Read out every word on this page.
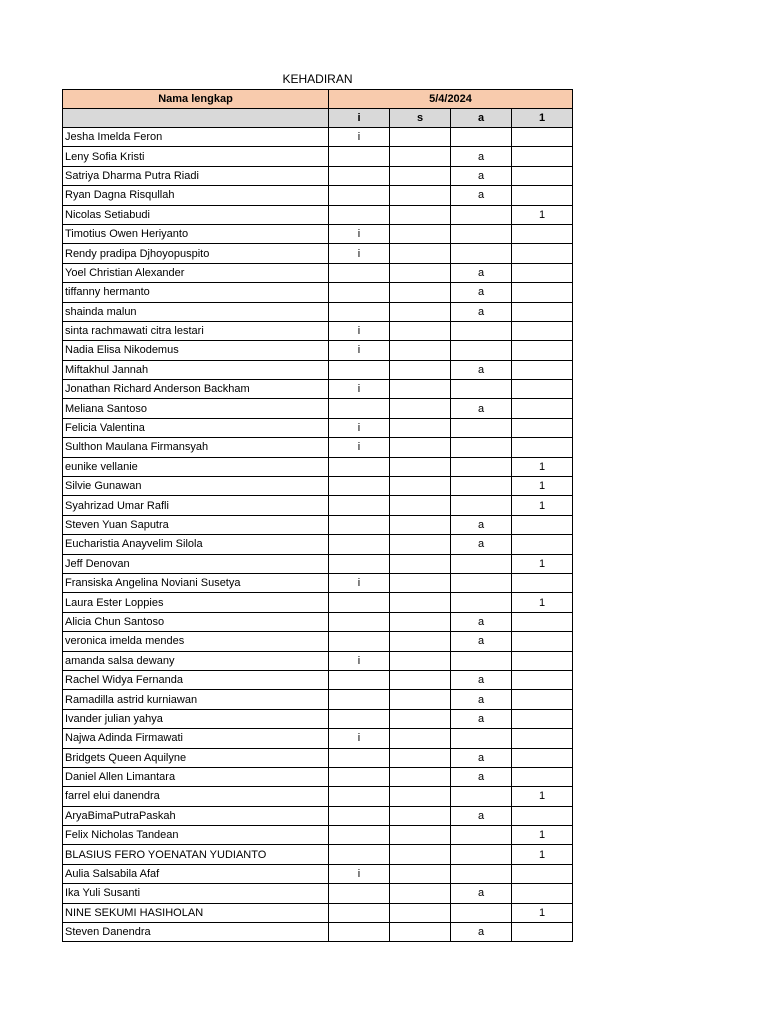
KEHADIRAN
Nama lengkap	5/4/2024			
	i	s	a	1
Jesha Imelda Feron	i			
Leny Sofia Kristi			a	
Satriya Dharma Putra Riadi			a	
Ryan Dagna Risqullah			a	
Nicolas Setiabudi				1
Timotius Owen Heriyanto	i			
Rendy pradipa Djhoyopuspito	i			
Yoel Christian Alexander			a	
tiffanny hermanto			a	
shainda malun			a	
sinta rachmawati citra lestari	i			
Nadia Elisa Nikodemus	i			
Miftakhul Jannah			a	
Jonathan Richard Anderson Backham	i			
Meliana Santoso			a	
Felicia Valentina	i			
Sulthon Maulana Firmansyah	i			
eunike vellanie				1
Silvie Gunawan				1
Syahrizad Umar Rafli				1
Steven Yuan Saputra			a	
Eucharistia Anayvelim Silola			a	
Jeff Denovan				1
Fransiska Angelina Noviani Susetya	i			
Laura Ester Loppies				1
Alicia Chun Santoso			a	
veronica imelda mendes			a	
amanda salsa dewany	i			
Rachel Widya Fernanda			a	
Ramadilla astrid kurniawan			a	
Ivander julian yahya			a	
Najwa Adinda Firmawati	i			
Bridgets Queen Aquilyne			a	
Daniel Allen Limantara			a	
farrel elui danendra				1
AryaBimaPutraPaskah			a	
Felix Nicholas Tandean				1
BLASIUS FERO YOENATAN YUDIANTO				1
Aulia Salsabila Afaf	i			
Ika Yuli Susanti			a	
NINE SEKUMI HASIHOLAN				1
Steven Danendra			a	
